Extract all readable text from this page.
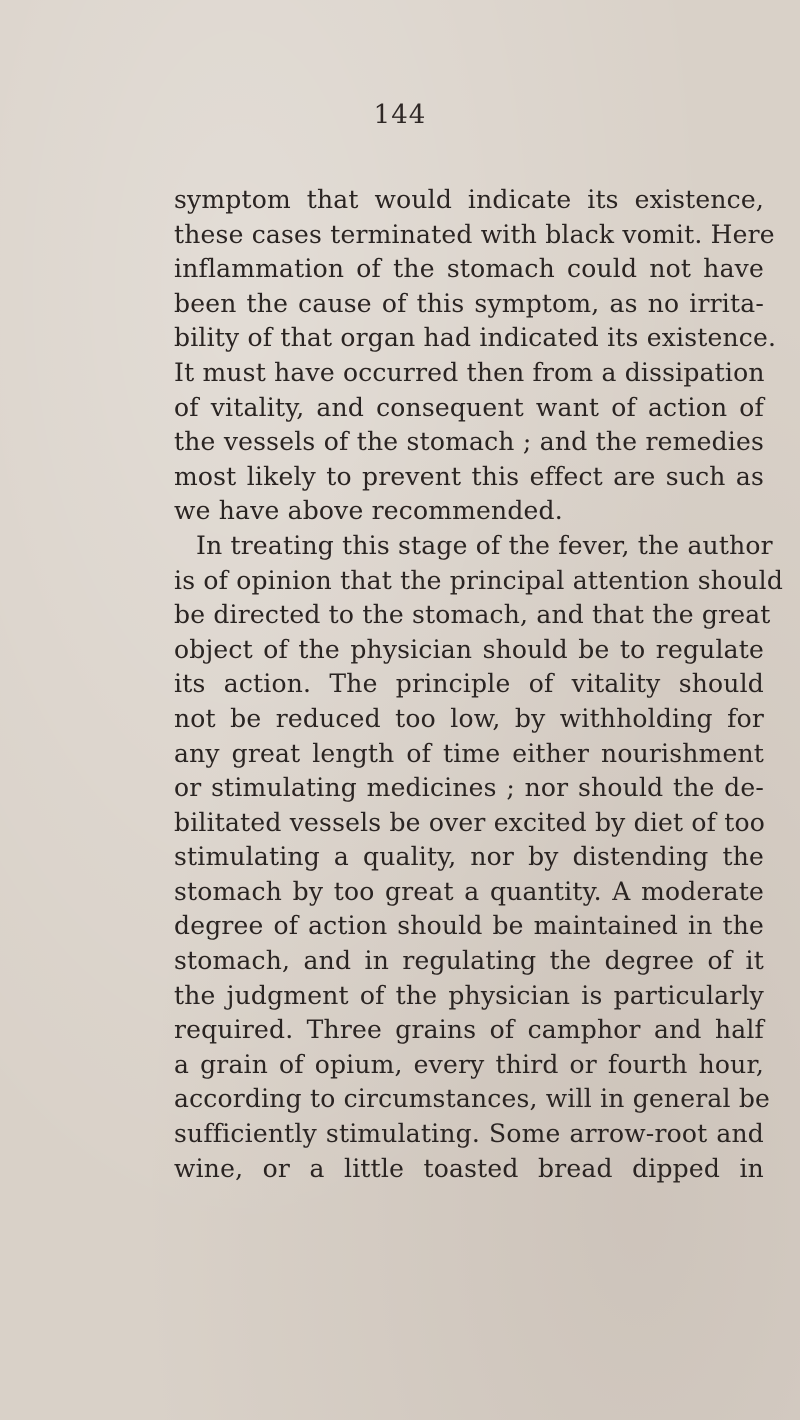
144
symptom that would indicate its existence,
these cases terminated with black vomit. Here
inflammation of the stomach could not have
been the cause of this symptom, as no irrita-
bility of that organ had indicated its existence.
It must have occurred then from a dissipation
of vitality, and consequent want of action of
the vessels of the stomach ; and the remedies
most likely to prevent this effect are such as
we have above recommended.
In treating this stage of the fever, the author
is of opinion that the principal attention should
be directed to the stomach, and that the great
object of the physician should be to regulate
its action. The principle of vitality should
not be reduced too low, by withholding for
any great length of time either nourishment
or stimulating medicines ; nor should the de-
bilitated vessels be over excited by diet of too
stimulating a quality, nor by distending the
stomach by too great a quantity. A moderate
degree of action should be maintained in the
stomach, and in regulating the degree of it
the judgment of the physician is particularly
required. Three grains of camphor and half
a grain of opium, every third or fourth hour,
according to circumstances, will in general be
sufficiently stimulating. Some arrow-root and
wine, or a little toasted bread dipped in
